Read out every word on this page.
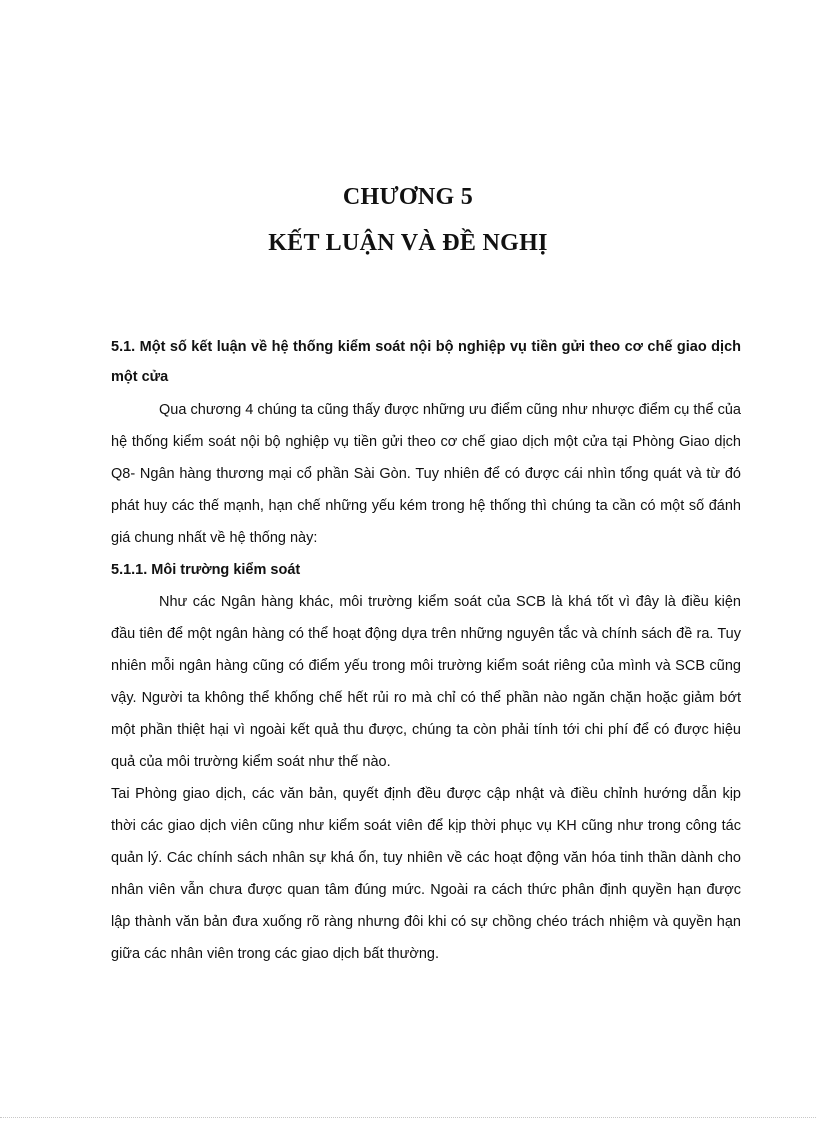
CHƯƠNG 5
KẾT LUẬN VÀ ĐỀ NGHỊ

5.1. Một số kết luận về hệ thống kiểm soát nội bộ nghiệp vụ tiền gửi theo cơ chế giao dịch một cửa

Qua chương 4 chúng ta cũng thấy được những ưu điểm cũng như nhược điểm cụ thể của hệ thống kiểm soát nội bộ nghiệp vụ tiền gửi theo cơ chế giao dịch một cửa tại Phòng Giao dịch Q8- Ngân hàng thương mại cổ phần Sài Gòn. Tuy nhiên để có được cái nhìn tổng quát và từ đó phát huy các thế mạnh, hạn chế những yếu kém trong hệ thống thì chúng ta cần có một số đánh giá chung nhất về hệ thống này:

5.1.1. Môi trường kiểm soát

Như các Ngân hàng khác, môi trường kiểm soát của SCB là khá tốt vì đây là điều kiện đầu tiên để một ngân hàng có thể hoạt động dựa trên những nguyên tắc và chính sách đề ra. Tuy nhiên mỗi ngân hàng cũng có điểm yếu trong môi trường kiểm soát riêng của mình và SCB cũng vậy. Người ta không thể khống chế hết rủi ro mà chỉ có thể phần nào ngăn chặn hoặc giảm bớt một phần thiệt hại vì ngoài kết quả thu được, chúng ta còn phải tính tới chi phí để có được hiệu quả của môi trường kiểm soát như thế nào.

Tai Phòng giao dịch, các văn bản, quyết định đều được cập nhật và điều chỉnh hướng dẫn kịp thời các giao dịch viên cũng như kiểm soát viên để kịp thời phục vụ KH cũng như trong công tác quản lý. Các chính sách nhân sự khá ổn, tuy nhiên về các hoạt động văn hóa tinh thần dành cho nhân viên vẫn chưa được quan tâm đúng mức. Ngoài ra cách thức phân định quyền hạn được lập thành văn bản đưa xuống rõ ràng nhưng đôi khi có sự chồng chéo trách nhiệm và quyền hạn giữa các nhân viên trong các giao dịch bất thường.
